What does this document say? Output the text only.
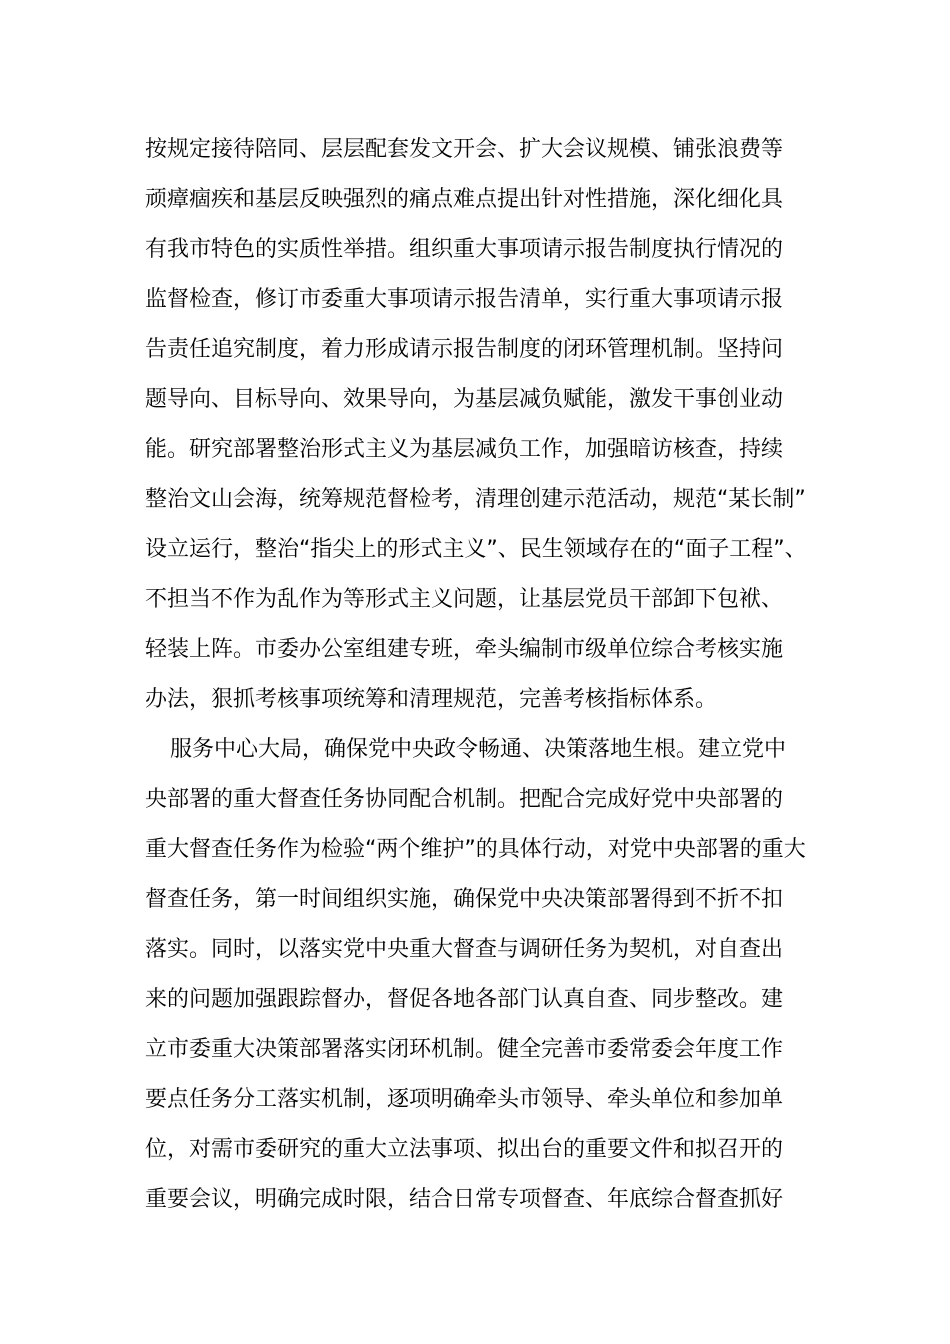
按规定接待陪同、层层配套发文开会、扩大会议规模、铺张浪费等
顽瘴痼疾和基层反映强烈的痛点难点提出针对性措施，深化细化具
有我市特色的实质性举措。组织重大事项请示报告制度执行情况的
监督检查，修订市委重大事项请示报告清单，实行重大事项请示报
告责任追究制度，着力形成请示报告制度的闭环管理机制。坚持问
题导向、目标导向、效果导向，为基层减负赋能，激发干事创业动
能。研究部署整治形式主义为基层减负工作，加强暗访核查，持续
整治文山会海，统筹规范督检考，清理创建示范活动，规范“某长制”
设立运行，整治“指尖上的形式主义”、民生领域存在的“面子工程”、
不担当不作为乱作为等形式主义问题，让基层党员干部卸下包袱、
轻装上阵。市委办公室组建专班，牵头编制市级单位综合考核实施
办法，狠抓考核事项统筹和清理规范，完善考核指标体系。
服务中心大局，确保党中央政令畅通、决策落地生根。建立党中
央部署的重大督查任务协同配合机制。把配合完成好党中央部署的
重大督查任务作为检验“两个维护”的具体行动，对党中央部署的重大
督查任务，第一时间组织实施，确保党中央决策部署得到不折不扣
落实。同时，以落实党中央重大督查与调研任务为契机，对自查出
来的问题加强跟踪督办，督促各地各部门认真自查、同步整改。建
立市委重大决策部署落实闭环机制。健全完善市委常委会年度工作
要点任务分工落实机制，逐项明确牵头市领导、牵头单位和参加单
位，对需市委研究的重大立法事项、拟出台的重要文件和拟召开的
重要会议，明确完成时限，结合日常专项督查、年底综合督查抓好
